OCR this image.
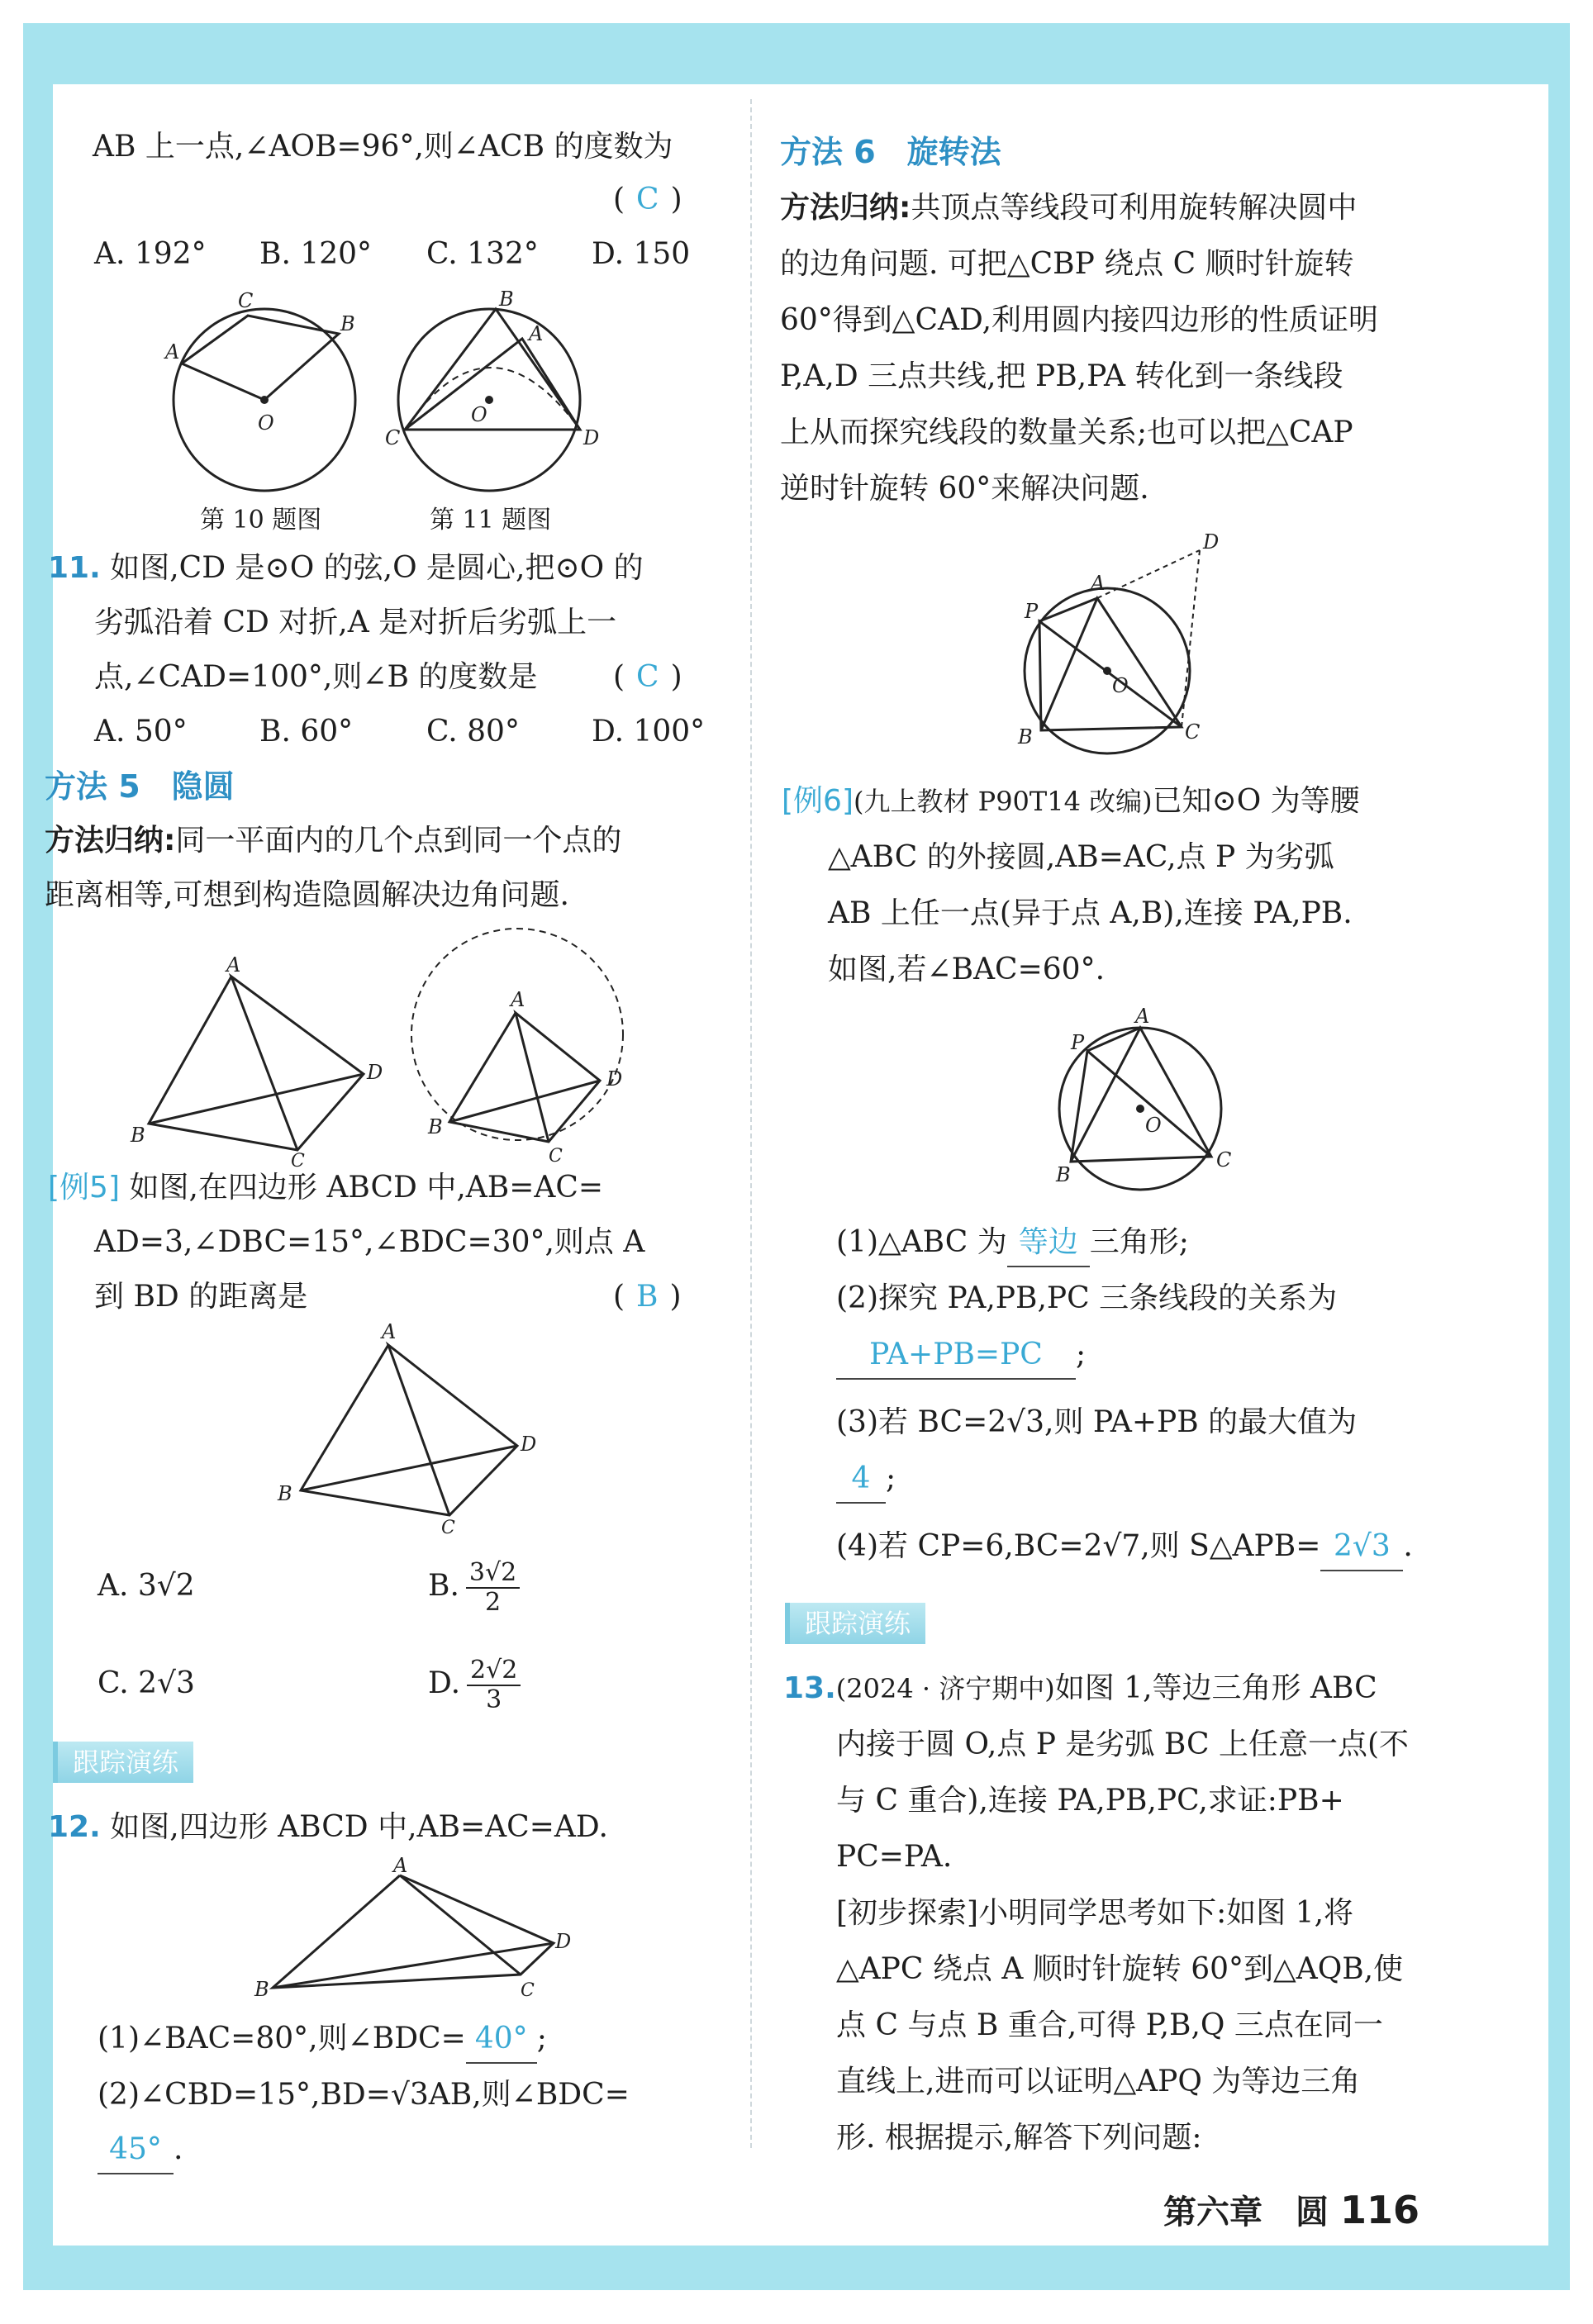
AB 上一点,∠AOB=96°,则∠ACB 的度数为
( C )
A. 192° B. 120° C. 132° D. 150
A
C
B
O
第 10 题图
A
B
C	D
O
第 11 题图
11. 如图,CD 是⊙O 的弦,O 是圆心,把⊙O 的
劣弧沿着 CD 对折,A 是对折后劣弧上一
点,∠CAD=100°,则∠B 的度数是	( C )
A. 50° B. 60° C. 80° D. 100°
方法 5　隐圆
方法归纳:同一平面内的几个点到同一个点的
距离相等,可想到构造隐圆解决边角问题.
A
B
C
D
A
B
C
D
[例5] 如图,在四边形 ABCD 中,AB=AC=
AD=3,∠DBC=15°,∠BDC=30°,则点 A
到 BD 的距离是	( B )
A
B
C
D
A. 3√2	B. $\frac{3√2}{2}$
C. 2√3	D. $\frac{2√2}{3}$
跟踪演练
12. 如图,四边形 ABCD 中,AB=AC=AD.
A
B	C
D
(1)∠BAC=80°,则∠BDC= 40° ;
(2)∠CBD=15°,BD=√3AB,则∠BDC=
45° .
方法 6　旋转法
方法归纳:共顶点等线段可利用旋转解决圆中
的边角问题. 可把△CBP 绕点 C 顺时针旋转
60°得到△CAD,利用圆内接四边形的性质证明
P,A,D 三点共线,把 PB,PA 转化到一条线段
上从而探究线段的数量关系;也可以把△CAP
逆时针旋转 60°来解决问题.
A
P
D
B	C
O
[例6](九上教材 P90T14 改编)已知⊙O 为等腰
△ABC 的外接圆,AB=AC,点 P 为劣弧
AB 上任一点(异于点 A,B),连接 PA,PB.
如图,若∠BAC=60°.
A
P
B
C
O
(1)△ABC 为 等边 三角形;
(2)探究 PA,PB,PC 三条线段的关系为
PA+PB=PC ;
(3)若 BC=2√3,则 PA+PB 的最大值为
4 ;
(4)若 CP=6,BC=2√7,则 S△APB= 2√3 .
跟踪演练
13.(2024 · 济宁期中)如图 1,等边三角形 ABC
内接于圆 O,点 P 是劣弧 BC 上任意一点(不
与 C 重合),连接 PA,PB,PC,求证:PB+
PC=PA.
[初步探索]小明同学思考如下:如图 1,将
△APC 绕点 A 顺时针旋转 60°到△AQB,使
点 C 与点 B 重合,可得 P,B,Q 三点在同一
直线上,进而可以证明△APQ 为等边三角
形. 根据提示,解答下列问题:
第六章　圆 116
